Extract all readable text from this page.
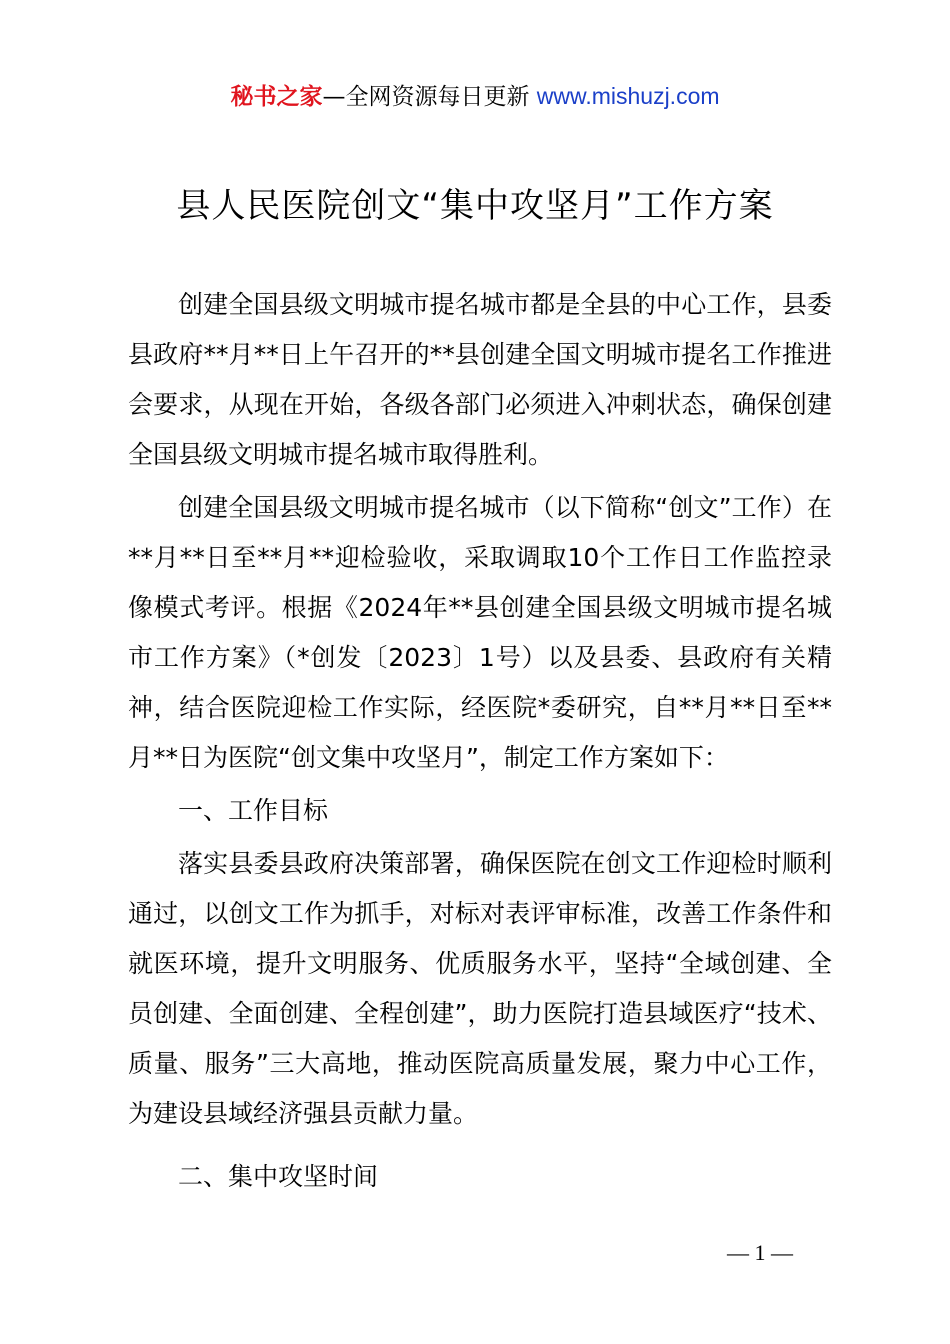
秘书之家—全网资源每日更新 www.mishuzj.com
县人民医院创文“集中攻坚月”工作方案

创建全国县级文明城市提名城市都是全县的中心工作，县委县政府**月**日上午召开的**县创建全国文明城市提名工作推进会要求，从现在开始，各级各部门必须进入冲刺状态，确保创建全国县级文明城市提名城市取得胜利。

创建全国县级文明城市提名城市（以下简称“创文”工作）在**月**日至**月**迎检验收，采取调取10个工作日工作监控录像模式考评。根据《2024年**县创建全国县级文明城市提名城市工作方案》（*创发〔2023〕1号）以及县委、县政府有关精神，结合医院迎检工作实际，经医院*委研究，自**月**日至**月**日为医院“创文集中攻坚月”，制定工作方案如下：

一、工作目标

落实县委县政府决策部署，确保医院在创文工作迎检时顺利通过，以创文工作为抓手，对标对表评审标准，改善工作条件和就医环境，提升文明服务、优质服务水平，坚持“全域创建、全员创建、全面创建、全程创建”，助力医院打造县域医疗“技术、质量、服务”三大高地，推动医院高质量发展，聚力中心工作，为建设县域经济强县贡献力量。

二、集中攻坚时间

— 1 —
